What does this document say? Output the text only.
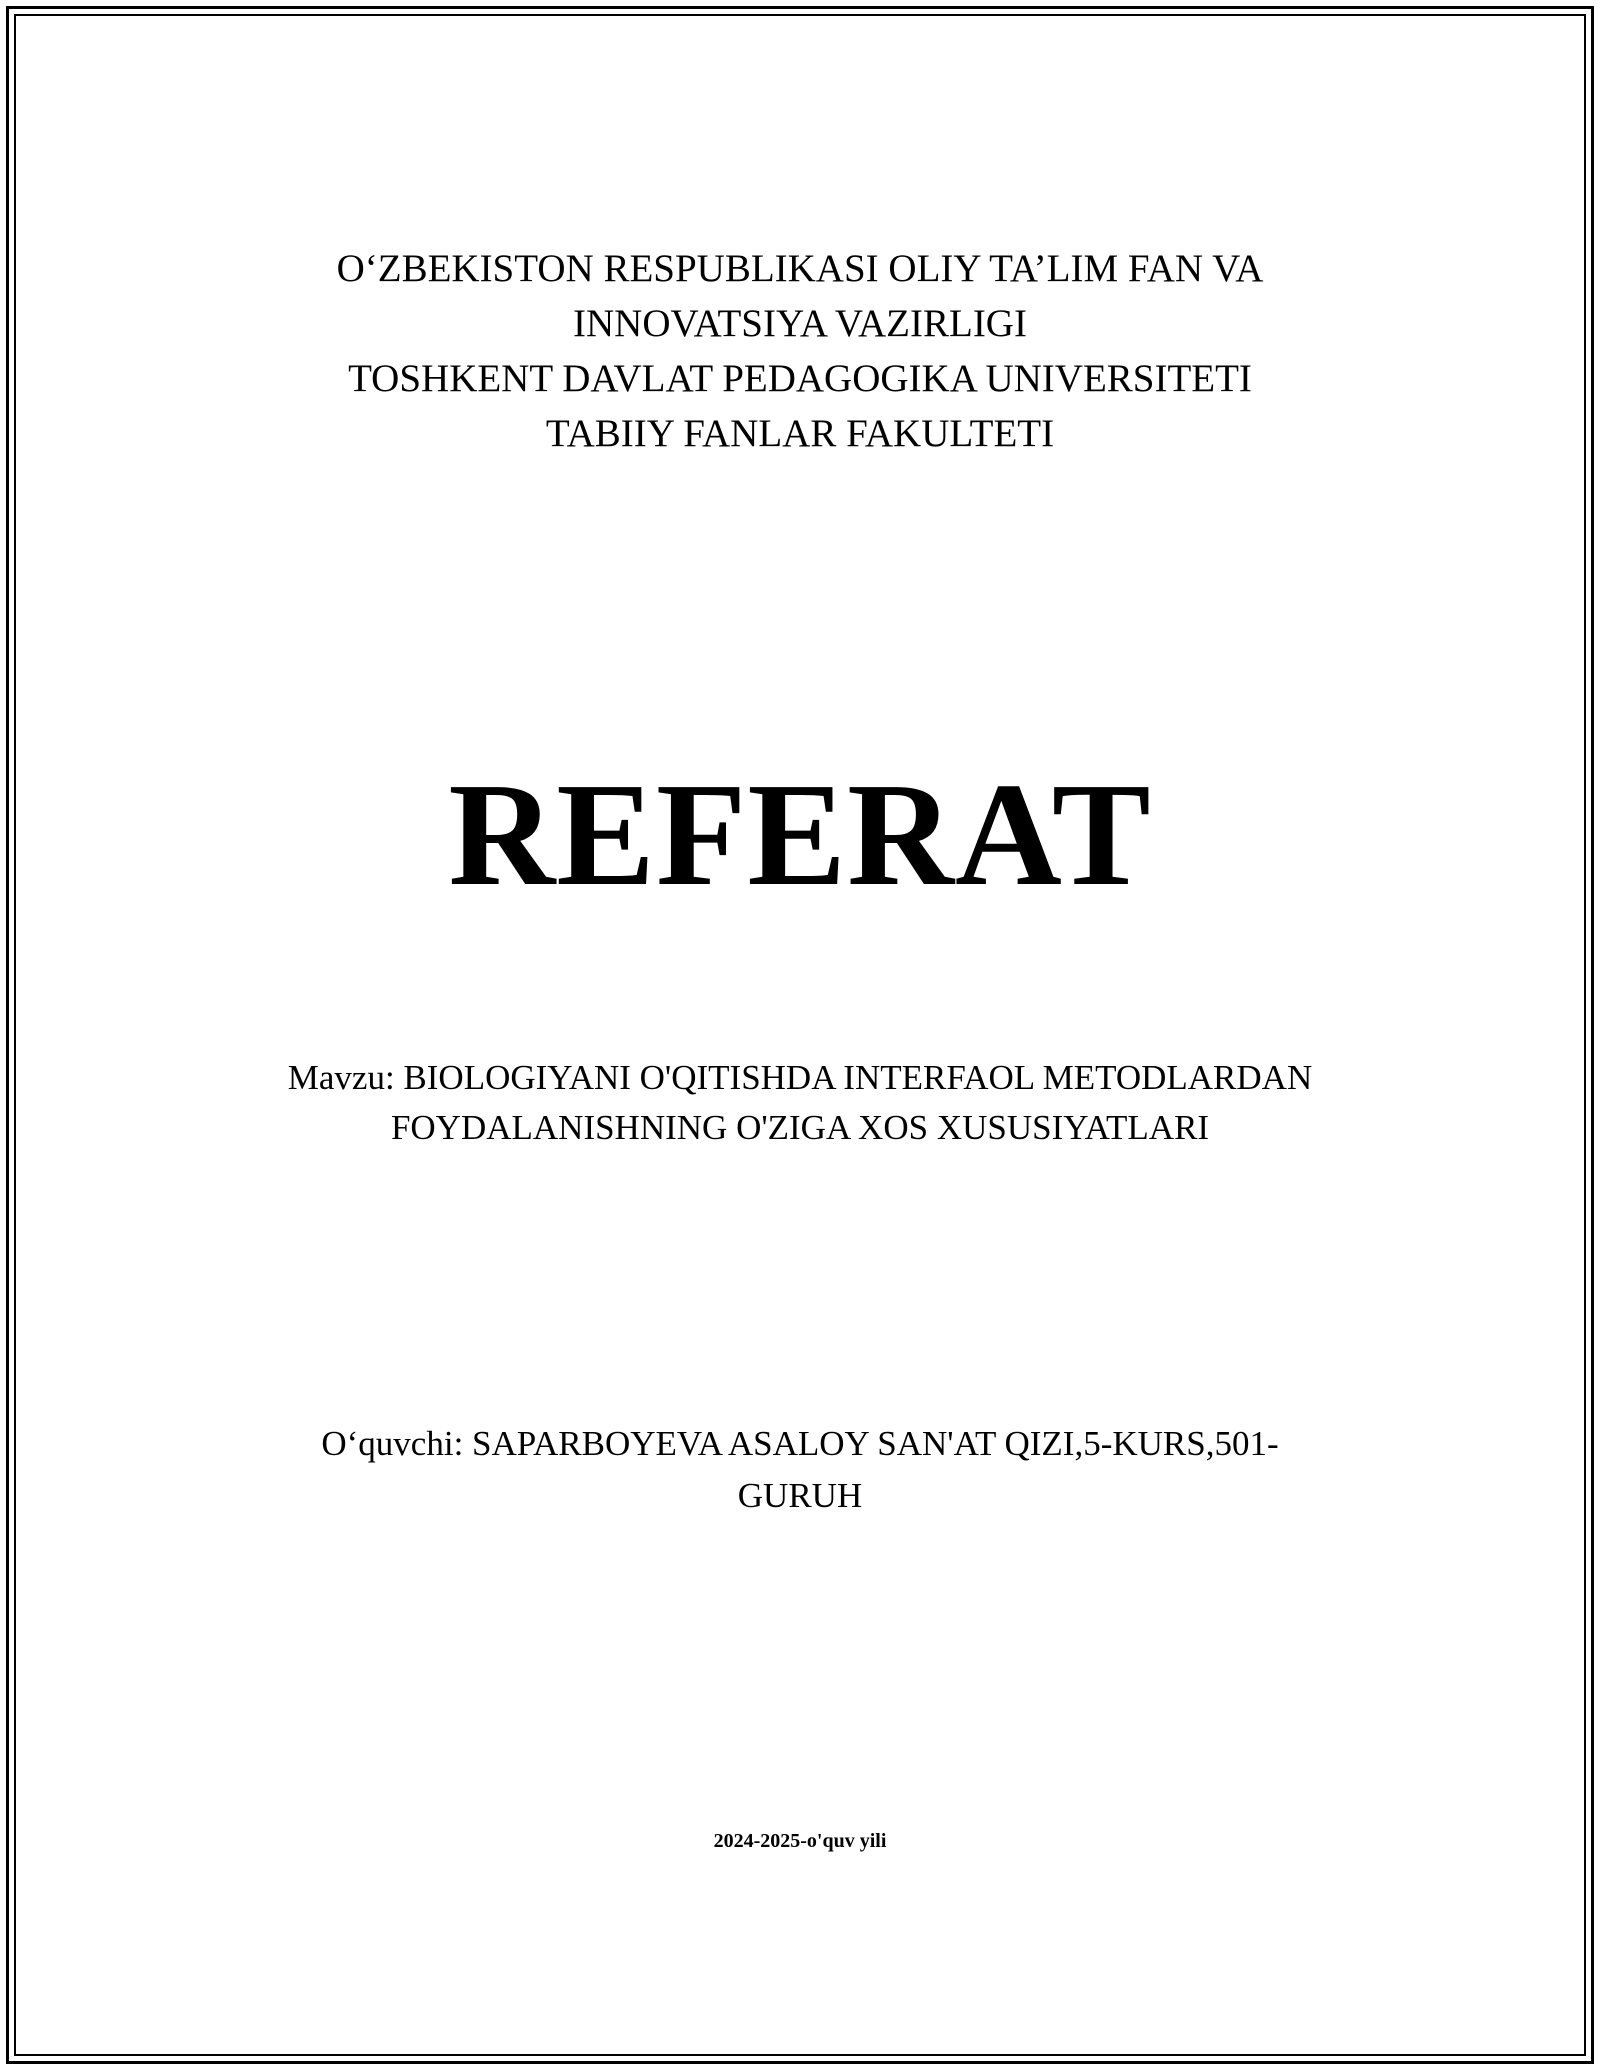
O‘ZBEKISTON RESPUBLIKASI OLIY TA’LIM FAN VA
INNOVATSIYA VAZIRLIGI
TOSHKENT DAVLAT PEDAGOGIKA UNIVERSITETI
TABIIY FANLAR FAKULTETI
REFERAT
Mavzu: BIOLOGIYANI O'QITISHDA INTERFAOL METODLARDAN
FOYDALANISHNING O'ZIGA XOS XUSUSIYATLARI
O‘quvchi: SAPARBOYEVA ASALOY SAN'AT QIZI,5-KURS,501-
GURUH
2024-2025-o'quv yili
